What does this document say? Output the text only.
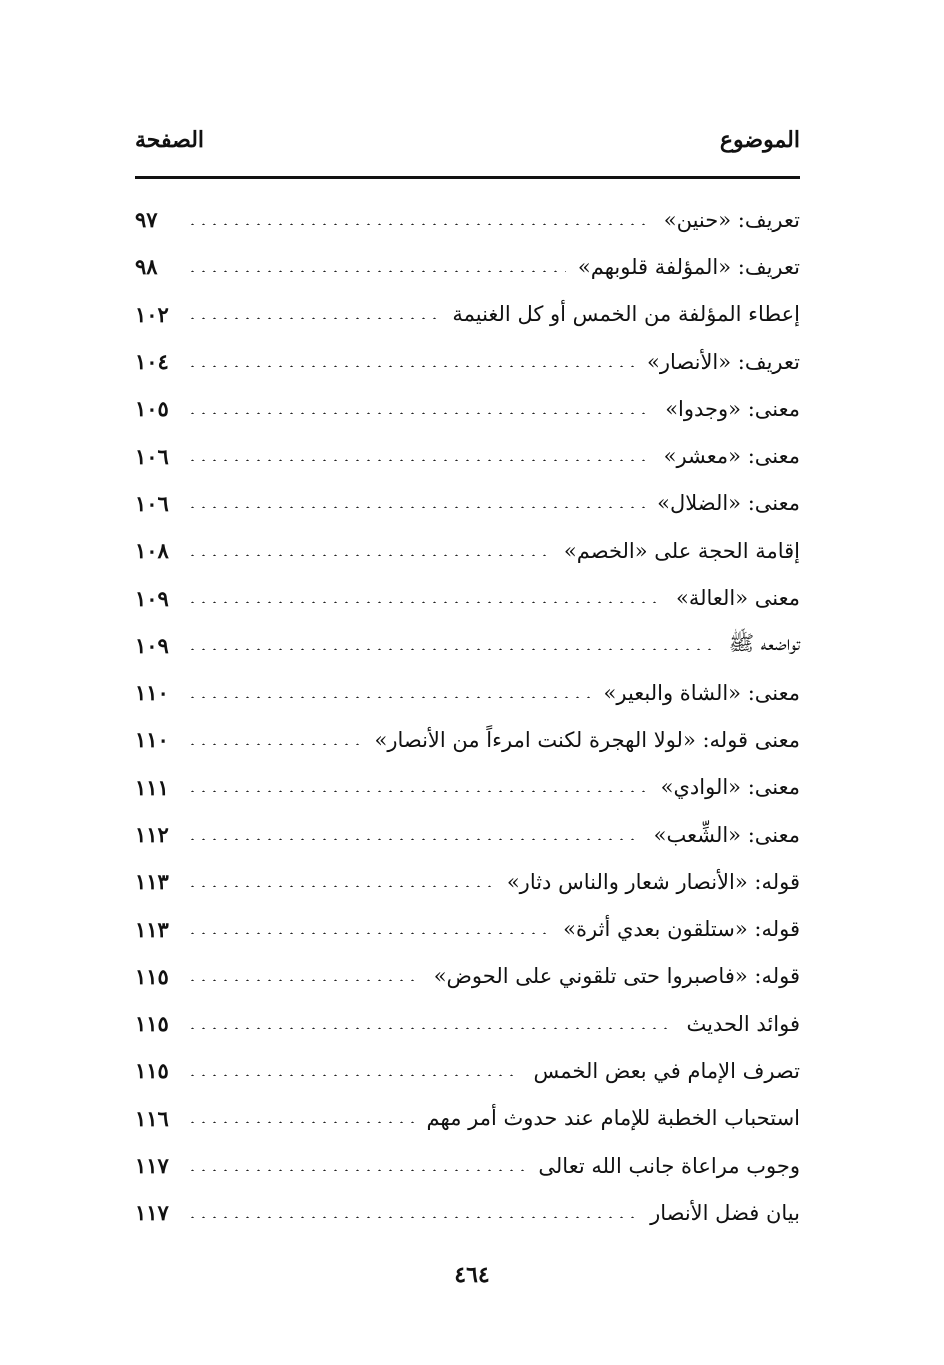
الموضوع
الصفحة
تعريف: «حنين»
٩٧
تعريف: «المؤلفة قلوبهم»
٩٨
إعطاء المؤلفة من الخمس أو كل الغنيمة
١٠٢
تعريف: «الأنصار»
١٠٤
معنى: «وجدوا»
١٠٥
معنى: «معشر»
١٠٦
معنى: «الضلال»
١٠٦
إقامة الحجة على «الخصم»
١٠٨
معنى «العالة»
١٠٩
تواضعه ﷺ
١٠٩
معنى: «الشاة والبعير»
١١٠
معنى قوله: «لولا الهجرة لكنت امرءاً من الأنصار»
١١٠
معنى: «الوادي»
١١١
معنى: «الشِّعب»
١١٢
قوله: «الأنصار شعار والناس دثار»
١١٣
قوله: «ستلقون بعدي أثرة»
١١٣
قوله: «فاصبروا حتى تلقوني على الحوض»
١١٥
فوائد الحديث
١١٥
تصرف الإمام في بعض الخمس
١١٥
استحباب الخطبة للإمام عند حدوث أمر مهم
١١٦
وجوب مراعاة جانب الله تعالى
١١٧
بيان فضل الأنصار
١١٧
٤٦٤
